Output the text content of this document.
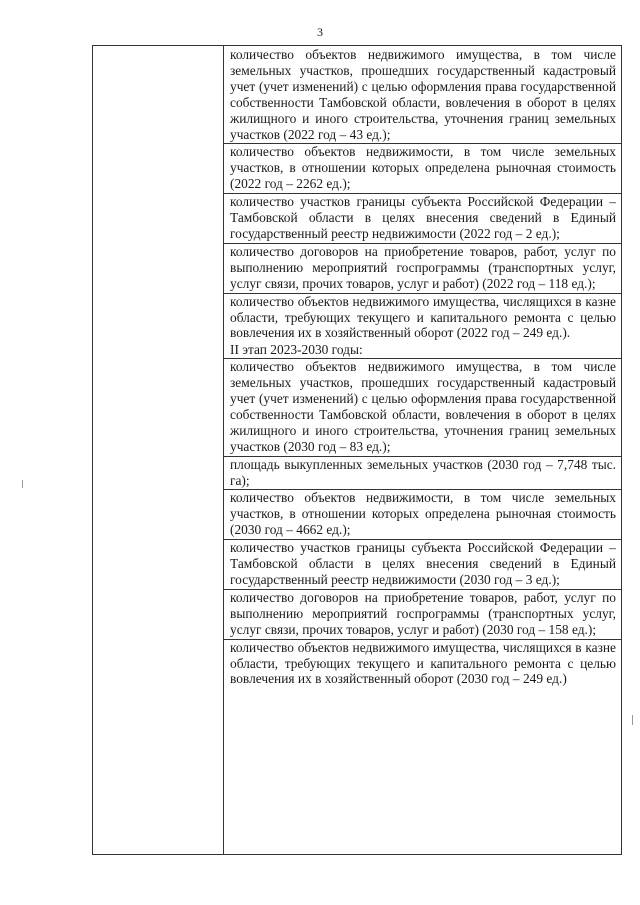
3
количество объектов недвижимого имущества, в том числе земельных участков, прошедших государственный кадастровый учет (учет изменений) с целью оформления права государственной собственности Тамбовской области, вовлечения в оборот в целях жилищного и иного строительства, уточнения границ земельных участков (2022 год – 43 ед.);
количество объектов недвижимости, в том числе земельных участков, в отношении которых определена рыночная стоимость (2022 год – 2262 ед.);
количество участков границы субъекта Российской Федерации – Тамбовской области в целях внесения сведений в Единый государственный реестр недвижимости (2022 год – 2 ед.);
количество договоров на приобретение товаров, работ, услуг по выполнению мероприятий госпрограммы (транспортных услуг, услуг связи, прочих товаров, услуг и работ) (2022 год – 118 ед.);
количество объектов недвижимого имущества, числящихся в казне области, требующих текущего и капитального ремонта с целью вовлечения их в хозяйственный оборот (2022 год – 249 ед.).
II этап 2023-2030 годы:
количество объектов недвижимого имущества, в том числе земельных участков, прошедших государственный кадастровый учет (учет изменений) с целью оформления права государственной собственности Тамбовской области, вовлечения в оборот в целях жилищного и иного строительства, уточнения границ земельных участков (2030 год – 83 ед.);
площадь выкупленных земельных участков (2030 год – 7,748 тыс. га);
количество объектов недвижимости, в том числе земельных участков, в отношении которых определена рыночная стоимость (2030 год – 4662 ед.);
количество участков границы субъекта Российской Федерации – Тамбовской области в целях внесения сведений в Единый государственный реестр недвижимости (2030 год – 3 ед.);
количество договоров на приобретение товаров, работ, услуг по выполнению мероприятий госпрограммы (транспортных услуг, услуг связи, прочих товаров, услуг и работ) (2030 год – 158 ед.);
количество объектов недвижимого имущества, числящихся в казне области, требующих текущего и капитального ремонта с целью вовлечения их в хозяйственный оборот (2030 год – 249 ед.)
